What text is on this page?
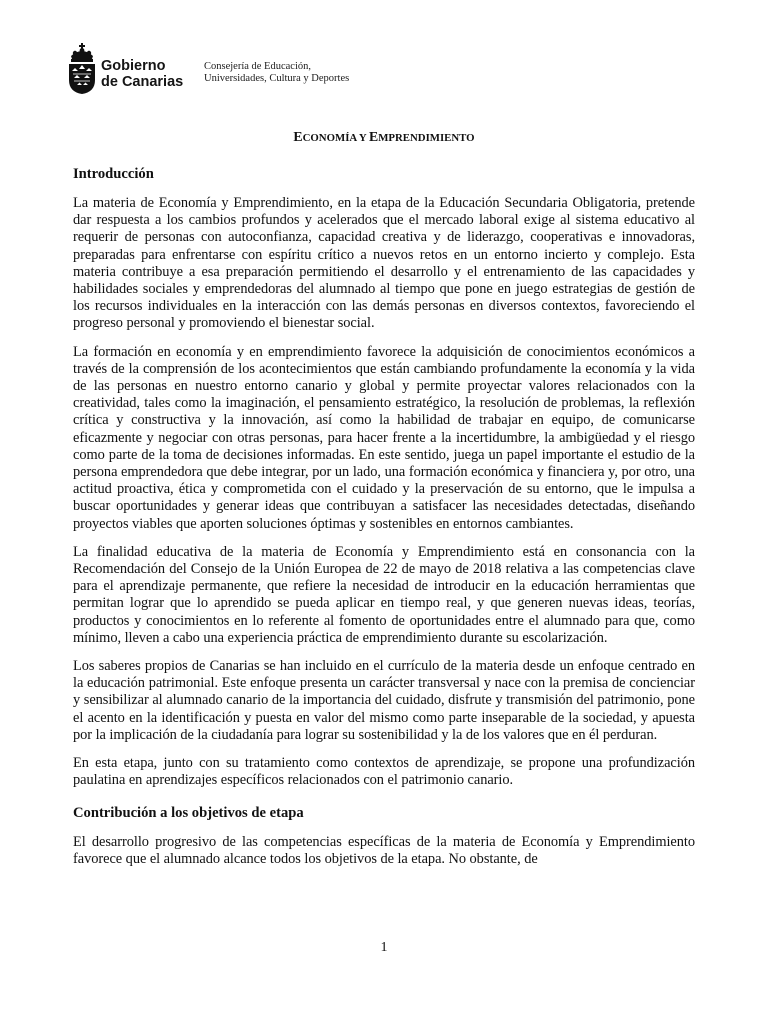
Gobierno
de Canarias
Consejería de Educación,
Universidades, Cultura y Deportes
ECONOMÍA Y EMPRENDIMIENTO
Introducción

La materia de Economía y Emprendimiento, en la etapa de la Educación Secundaria Obligatoria, pretende dar respuesta a los cambios profundos y acelerados que el mercado laboral exige al sistema educativo al requerir de personas con autoconfianza, capacidad creativa y de liderazgo, cooperativas e innovadoras, preparadas para enfrentarse con espíritu crítico a nuevos retos en un entorno incierto y complejo. Esta materia contribuye a esa preparación permitiendo el desarrollo y el entrenamiento de las capacidades y habilidades sociales y emprendedoras del alumnado al tiempo que pone en juego estrategias de gestión de los recursos individuales en la interacción con las demás personas en diversos contextos, favoreciendo el progreso personal y promoviendo el bienestar social.

La formación en economía y en emprendimiento favorece la adquisición de conocimientos económicos a través de la comprensión de los acontecimientos que están cambiando profundamente la economía y la vida de las personas en nuestro entorno canario y global y permite proyectar valores relacionados con la creatividad, tales como la imaginación, el pensamiento estratégico, la resolución de problemas, la reflexión crítica y constructiva y la innovación, así como la habilidad de trabajar en equipo, de comunicarse eficazmente y negociar con otras personas, para hacer frente a la incertidumbre, la ambigüedad y el riesgo como parte de la toma de decisiones informadas. En este sentido, juega un papel importante el estudio de la persona emprendedora que debe integrar, por un lado, una formación económica y financiera y, por otro, una actitud proactiva, ética y comprometida con el cuidado y la preservación de su entorno, que le impulsa a buscar oportunidades y generar ideas que contribuyan a satisfacer las necesidades detectadas, diseñando proyectos viables que aporten soluciones óptimas y sostenibles en entornos cambiantes.

La finalidad educativa de la materia de Economía y Emprendimiento está en consonancia con la Recomendación del Consejo de la Unión Europea de 22 de mayo de 2018 relativa a las competencias clave para el aprendizaje permanente, que refiere la necesidad de introducir en la educación herramientas que permitan lograr que lo aprendido se pueda aplicar en tiempo real, y que generen nuevas ideas, teorías, productos y conocimientos en lo referente al fomento de oportunidades entre el alumnado para que, como mínimo, lleven a cabo una experiencia práctica de emprendimiento durante su escolarización.

Los saberes propios de Canarias se han incluido en el currículo de la materia desde un enfoque centrado en la educación patrimonial. Este enfoque presenta un carácter transversal y nace con la premisa de concienciar y sensibilizar al alumnado canario de la importancia del cuidado, disfrute y transmisión del patrimonio, pone el acento en la identificación y puesta en valor del mismo como parte inseparable de la sociedad, y apuesta por la implicación de la ciudadanía para lograr su sostenibilidad y la de los valores que en él perduran.

En esta etapa, junto con su tratamiento como contextos de aprendizaje, se propone una profundización paulatina en aprendizajes específicos relacionados con el patrimonio canario.

Contribución a los objetivos de etapa

El desarrollo progresivo de las competencias específicas de la materia de Economía y Emprendimiento favorece que el alumnado alcance todos los objetivos de la etapa. No obstante, de

1
